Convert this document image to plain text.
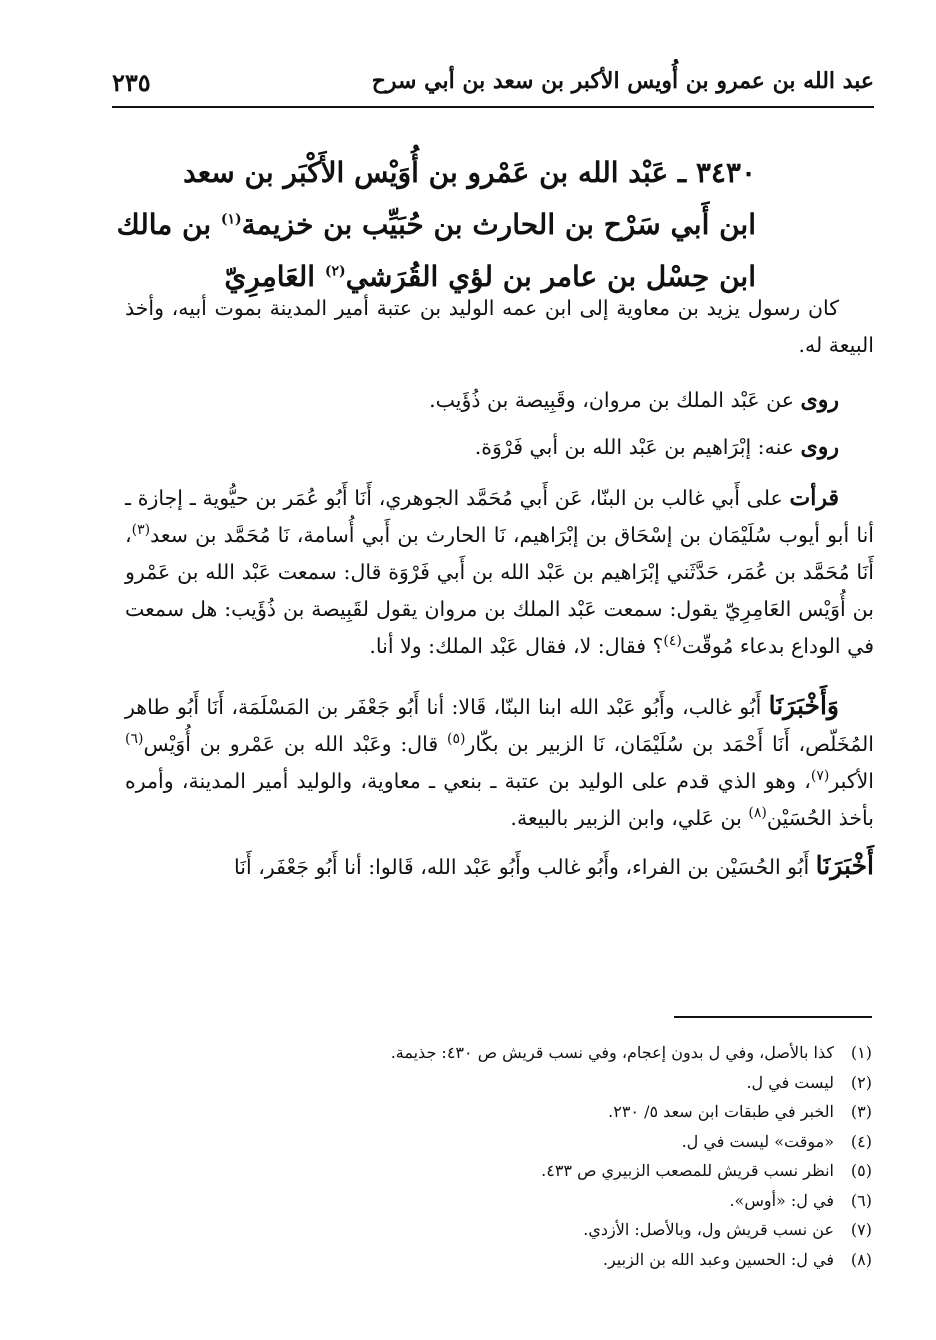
عبد الله بن عمرو بن أُويس الأكبر بن سعد بن أبي سرح
٢٣٥
٣٤٣٠ ـ عَبْد الله بن عَمْرو بن أُوَيْس الأَكْبَر بن سعد
ابن أَبي سَرْح بن الحارث بن حُبَيِّب بن خزيمة$^{(١)}$ بن مالك
ابن حِسْل بن عامر بن لؤي القُرَشي$^{(٢)}$ العَامِرِيّ

كان رسول يزيد بن معاوية إلى ابن عمه الوليد بن عتبة أمير المدينة بموت أبيه، وأخذ البيعة له.

روى عن عَبْد الملك بن مروان، وقَبِيصة بن ذُؤَيب.

روى عنه: إبْرَاهيم بن عَبْد الله بن أبي فَرْوَة.

قرأت على أَبي غالب بن البنّا، عَن أَبي مُحَمَّد الجوهري، أَنَا أَبُو عُمَر بن حيُّوية ـ إجازة ـ أنا أبو أيوب سُلَيْمَان بن إسْحَاق بن إبْرَاهيم، نَا الحارث بن أَبي أُسامة، نَا مُحَمَّد بن سعد$^{(٣)}$، أَنَا مُحَمَّد بن عُمَر، حَدَّثَني إبْرَاهيم بن عَبْد الله بن أَبي فَرْوَة قال: سمعت عَبْد الله بن عَمْرو بن أُوَيْس العَامِرِيّ يقول: سمعت عَبْد الملك بن مروان يقول لقَبِيصة بن ذُؤَيب: هل سمعت في الوداع بدعاء مُوقّت$^{(٤)}$؟ فقال: لا، فقال عَبْد الملك: ولا أنا.

وَأَخْبَرَنَا أَبُو غالب، وأَبُو عَبْد الله ابنا البنّا، قَالا: أنا أَبُو جَعْفَر بن المَسْلَمَة، أَنَا أَبُو طاهر المُخَلّص، أَنَا أَحْمَد بن سُلَيْمَان، نَا الزبير بن بكّار$^{(٥)}$ قال: وعَبْد الله بن عَمْرو بن أُوَيْس$^{(٦)}$ الأكبر$^{(٧)}$، وهو الذي قدم على الوليد بن عتبة ـ بنعي ـ معاوية، والوليد أمير المدينة، وأمره بأخذ الحُسَيْن$^{(٨)}$ بن عَلي، وابن الزبير بالبيعة.

أَخْبَرَنَا أَبُو الحُسَيْن بن الفراء، وأَبُو غالب وأَبُو عَبْد الله، قَالوا: أنا أَبُو جَعْفَر، أَنَا

(١)
كذا بالأصل، وفي ل بدون إعجام، وفي نسب قريش ص ٤٣٠: جذيمة.
(٢)
ليست في ل.
(٣)
الخبر في طبقات ابن سعد ٥/ ٢٣٠.
(٤)
«موقت» ليست في ل.
(٥)
انظر نسب قريش للمصعب الزبيري ص ٤٣٣.
(٦)
في ل: «أوس».
(٧)
عن نسب قريش ول، وبالأصل: الأزدي.
(٨)
في ل: الحسين وعبد الله بن الزبير.
